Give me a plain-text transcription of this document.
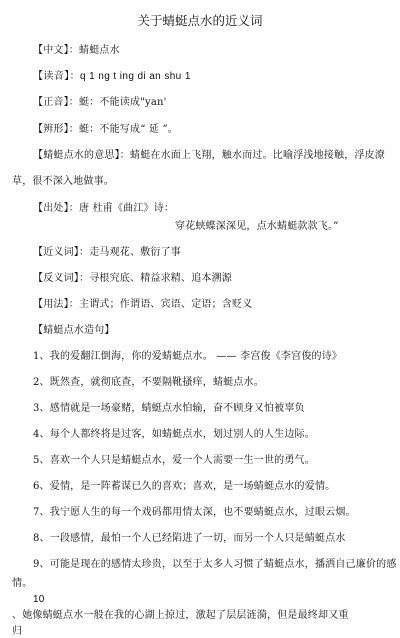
关于蜻蜓点水的近义词
【中文】：蜻蜓点水
【读音】：q 1 ng t ing di an shu 1
【正音】：蜓：不能读成"yan'
【辨形】：蜓：不能写成“ 延 ”。
【蜻蜓点水的意思】：蜻蜓在水面上飞翔，触水而过。比喻浮浅地接触，浮皮潦
草，很不深入地做事。
【出处】：唐 杜甫《曲江》诗：
穿花蛱蝶深深见，点水蜻蜓款款飞。”
【近义词】：走马观花、敷衍了事
【反义词】：寻根究底、精益求精、追本溯源
【用法】：主谓式；作谓语、宾语、定语；含贬义
【蜻蜓点水造句】
1、我的爱翻江倒海，你的爱蜻蜓点水。 —— 李宫俊《李宫俊的诗》
2、既然查，就彻底查，不要隔靴搔痒，蜻蜓点水。
3、感情就是一场豪赌，蜻蜓点水怕输，奋不顾身又怕被辜负
4、每个人都终将是过客，如蜻蜓点水，划过别人的人生边际。
5、喜欢一个人只是蜻蜓点水，爱一个人需要一生一世的勇气。
6、爱情，是一阵蓄谋已久的喜欢；喜欢，是一场蜻蜓点水的爱情。
7、我宁愿人生的每一个戏码都用情太深，也不要蜻蜓点水，过眼云烟。
8、一段感情，最怕一个人已经陷进了一切，而另一个人只是蜻蜓点水
9、可能是现在的感情太珍贵，以至于太多人习惯了蜻蜓点水，播洒自己廉价的感
情。
10
、她像蜻蜓点水一般在我的心湖上掠过，激起了层层涟漪，但是最终却又重
归
